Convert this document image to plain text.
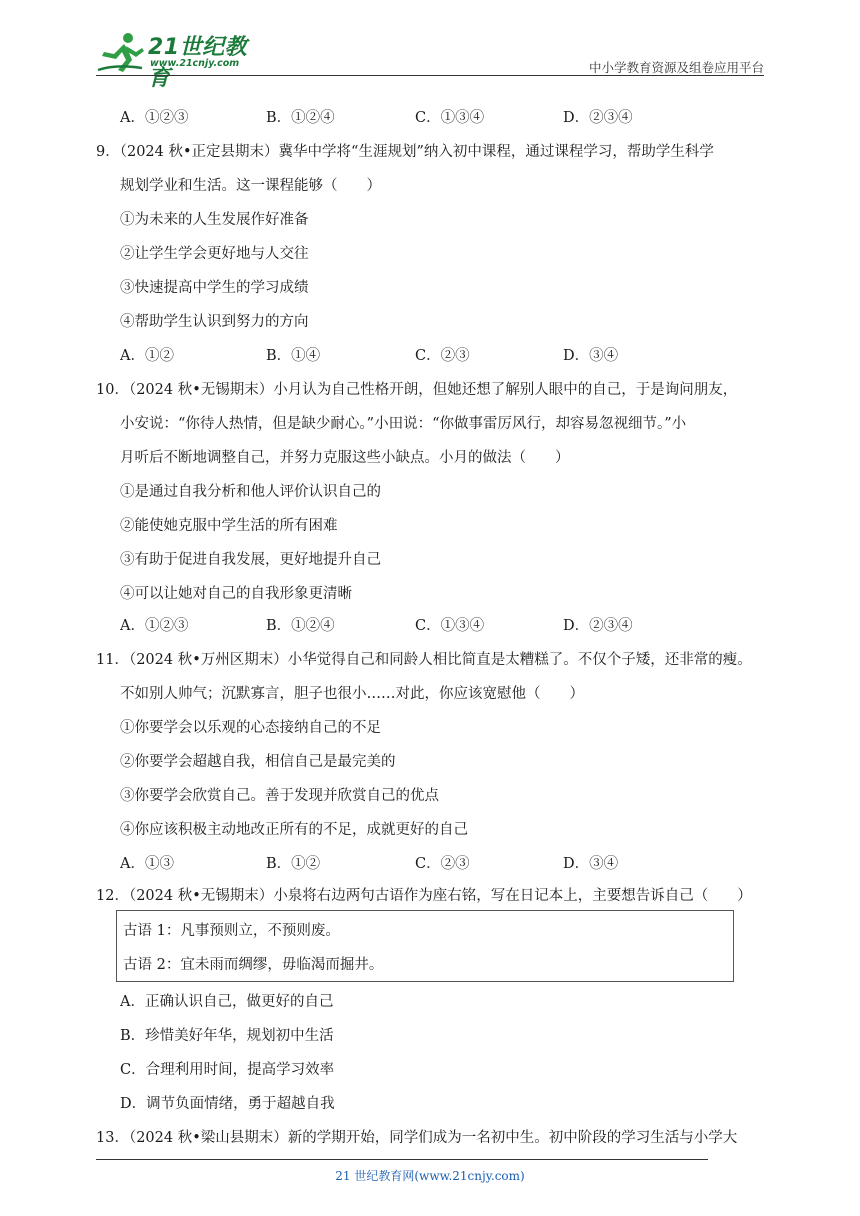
21世纪教育
www.21cnjy.com	中小学教育资源及组卷应用平台
A．①②③	B．①②④	C．①③④	D．②③④
9．（2024 秋•正定县期末）冀华中学将“生涯规划”纳入初中课程，通过课程学习，帮助学生科学
规划学业和生活。这一课程能够（　　）
①为未来的人生发展作好准备
②让学生学会更好地与人交往
③快速提高中学生的学习成绩
④帮助学生认识到努力的方向
A．①②	B．①④	C．②③	D．③④
10．（2024 秋•无锡期末）小月认为自己性格开朗，但她还想了解别人眼中的自己，于是询问朋友，
小安说：“你待人热情，但是缺少耐心。”小田说：“你做事雷厉风行，却容易忽视细节。”小
月听后不断地调整自己，并努力克服这些小缺点。小月的做法（　　）
①是通过自我分析和他人评价认识自己的
②能使她克服中学生活的所有困难
③有助于促进自我发展，更好地提升自己
④可以让她对自己的自我形象更清晰
A．①②③	B．①②④	C．①③④	D．②③④
11．（2024 秋•万州区期末）小华觉得自己和同龄人相比简直是太糟糕了。不仅个子矮，还非常的瘦。
不如别人帅气；沉默寡言，胆子也很小……对此，你应该宽慰他（　　）
①你要学会以乐观的心态接纳自己的不足
②你要学会超越自我，相信自己是最完美的
③你要学会欣赏自己。善于发现并欣赏自己的优点
④你应该积极主动地改正所有的不足，成就更好的自己
A．①③	B．①②	C．②③	D．③④
12．（2024 秋•无锡期末）小泉将右边两句古语作为座右铭，写在日记本上，主要想告诉自己（　　）
古语 1：凡事预则立，不预则废。
古语 2：宜未雨而绸缪，毋临渴而掘井。
A．正确认识自己，做更好的自己
B．珍惜美好年华，规划初中生活
C．合理利用时间，提高学习效率
D．调节负面情绪，勇于超越自我
13．（2024 秋•梁山县期末）新的学期开始，同学们成为一名初中生。初中阶段的学习生活与小学大
21 世纪教育网(www.21cnjy.com)
